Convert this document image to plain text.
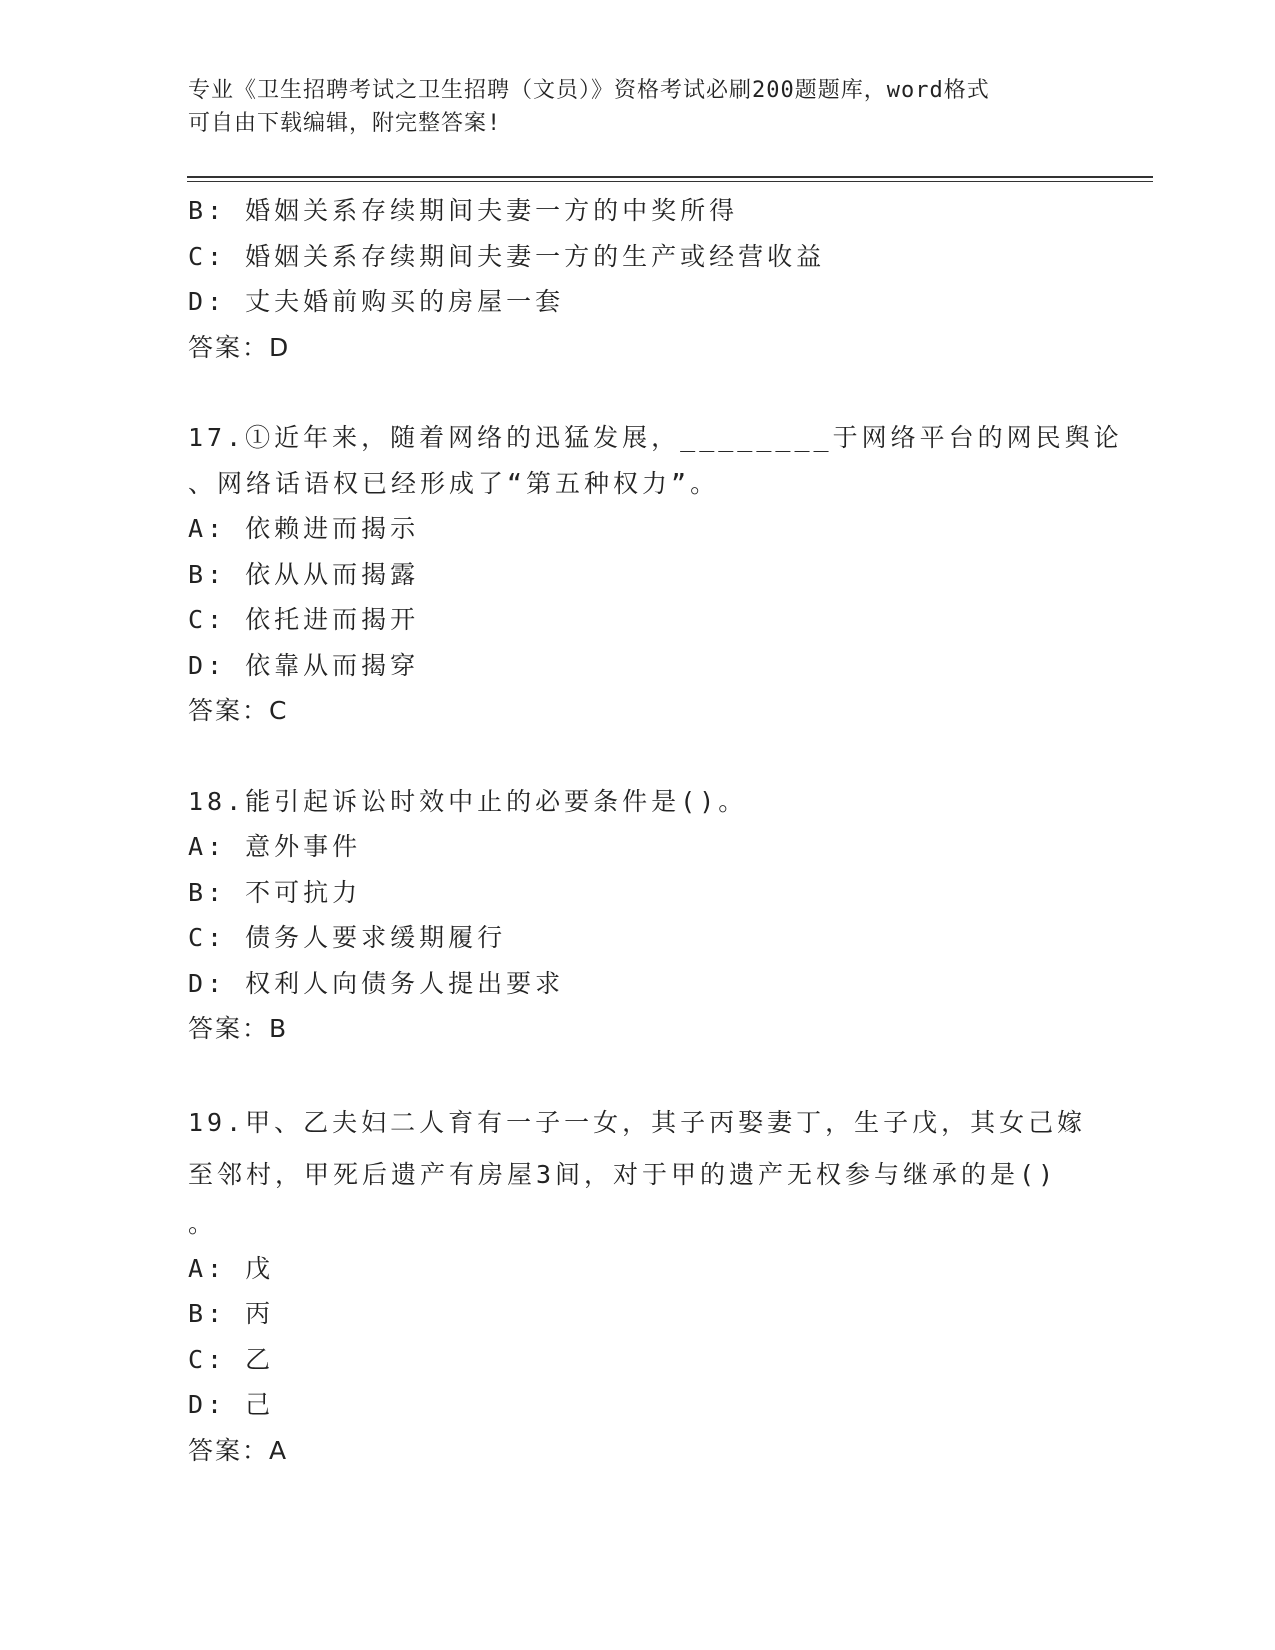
专业《卫生招聘考试之卫生招聘（文员）》资格考试必刷200题题库，word格式
可自由下载编辑，附完整答案!
B: 婚姻关系存续期间夫妻一方的中奖所得
C: 婚姻关系存续期间夫妻一方的生产或经营收益
D: 丈夫婚前购买的房屋一套
答案：D
17.①近年来，随着网络的迅猛发展，________于网络平台的网民舆论
、网络话语权已经形成了“第五种权力”。
A: 依赖进而揭示
B: 依从从而揭露
C: 依托进而揭开
D: 依靠从而揭穿
答案：C
18.能引起诉讼时效中止的必要条件是()。
A: 意外事件
B: 不可抗力
C: 债务人要求缓期履行
D: 权利人向债务人提出要求
答案：B
19.甲、乙夫妇二人育有一子一女，其子丙娶妻丁，生子戊，其女己嫁
至邻村，甲死后遗产有房屋3间，对于甲的遗产无权参与继承的是()
。
A: 戊
B: 丙
C: 乙
D: 己
答案：A
